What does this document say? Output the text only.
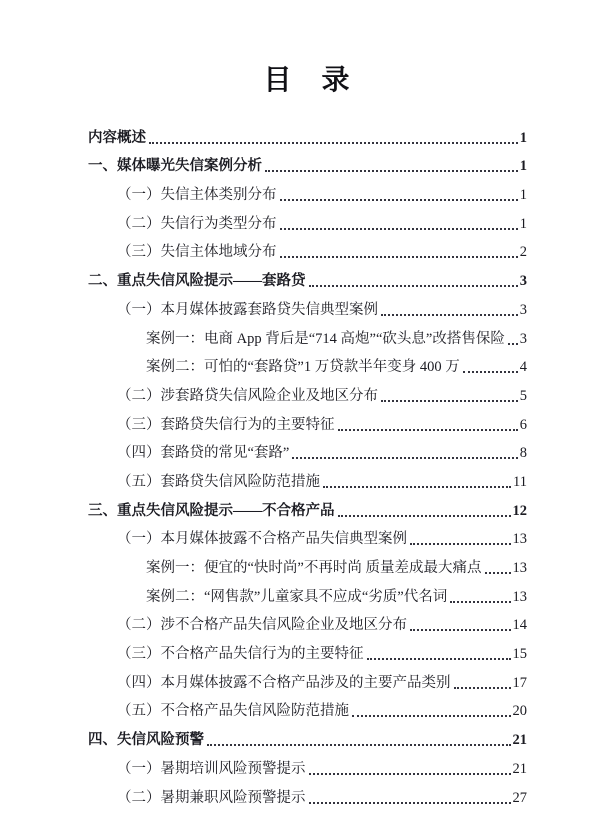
目　录
内容概述	1
一、媒体曝光失信案例分析	1
（一）失信主体类别分布	1
（二）失信行为类型分布	1
（三）失信主体地域分布	2
二、重点失信风险提示——套路贷	3
（一）本月媒体披露套路贷失信典型案例	3
案例一：电商 App 背后是“714 高炮”“砍头息”改搭售保险 3
案例二：可怕的“套路贷”1 万贷款半年变身 400 万	4
（二）涉套路贷失信风险企业及地区分布	5
（三）套路贷失信行为的主要特征	6
（四）套路贷的常见“套路”	8
（五）套路贷失信风险防范措施	11
三、重点失信风险提示——不合格产品	12
（一）本月媒体披露不合格产品失信典型案例	13
案例一：便宜的“快时尚”不再时尚 质量差成最大痛点 13
案例二：“网售款”儿童家具不应成“劣质”代名词	13
（二）涉不合格产品失信风险企业及地区分布	14
（三）不合格产品失信行为的主要特征	15
（四）本月媒体披露不合格产品涉及的主要产品类别	17
（五）不合格产品失信风险防范措施	20
四、失信风险预警	21
（一）暑期培训风险预警提示	21
（二）暑期兼职风险预警提示	27
